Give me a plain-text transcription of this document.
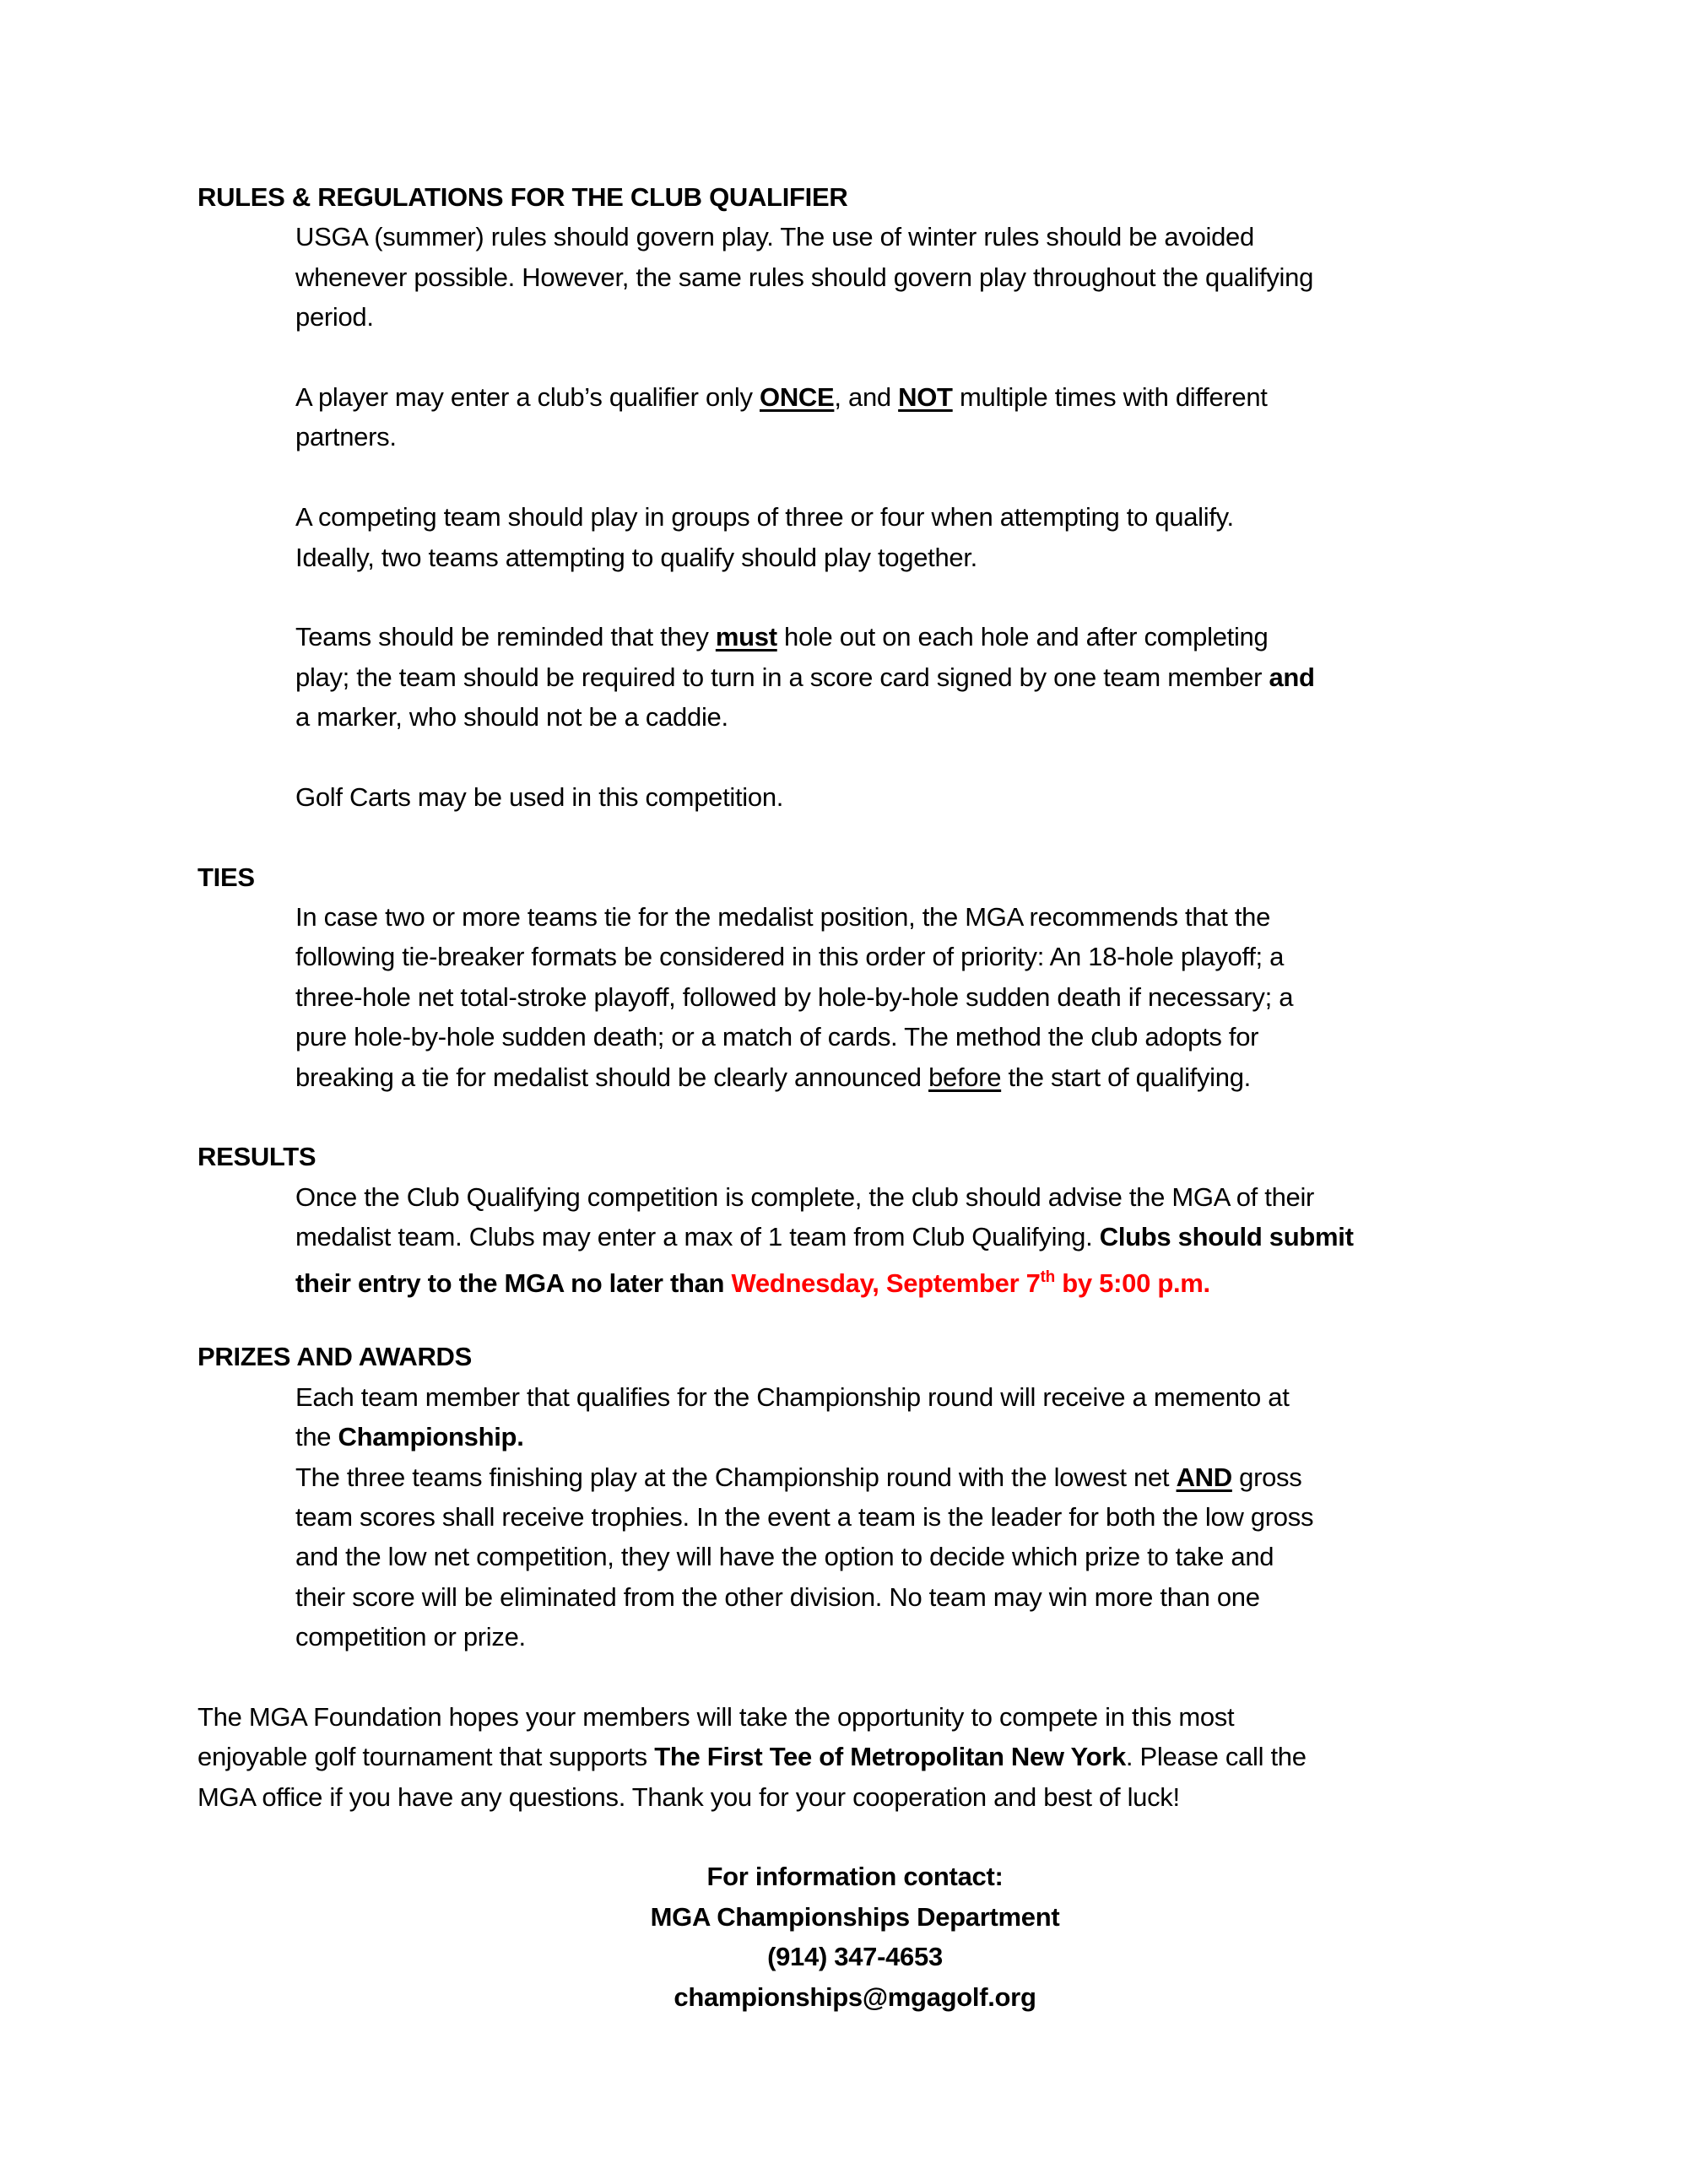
RULES & REGULATIONS FOR THE CLUB QUALIFIER
USGA (summer) rules should govern play. The use of winter rules should be avoided
whenever possible. However, the same rules should govern play throughout the qualifying
period.
A player may enter a club’s qualifier only ONCE, and NOT multiple times with different
partners.
A competing team should play in groups of three or four when attempting to qualify.
Ideally, two teams attempting to qualify should play together.
Teams should be reminded that they must hole out on each hole and after completing
play; the team should be required to turn in a score card signed by one team member and
a marker, who should not be a caddie.
Golf Carts may be used in this competition.
TIES
In case two or more teams tie for the medalist position, the MGA recommends that the
following tie-breaker formats be considered in this order of priority: An 18-hole playoff; a
three-hole net total-stroke playoff, followed by hole-by-hole sudden death if necessary; a
pure hole-by-hole sudden death; or a match of cards. The method the club adopts for
breaking a tie for medalist should be clearly announced before the start of qualifying.
RESULTS
Once the Club Qualifying competition is complete, the club should advise the MGA of their
medalist team. Clubs may enter a max of 1 team from Club Qualifying. Clubs should submit
their entry to the MGA no later than Wednesday, September 7th by 5:00 p.m.
PRIZES AND AWARDS
Each team member that qualifies for the Championship round will receive a memento at
the Championship.
The three teams finishing play at the Championship round with the lowest net AND gross
team scores shall receive trophies. In the event a team is the leader for both the low gross
and the low net competition, they will have the option to decide which prize to take and
their score will be eliminated from the other division. No team may win more than one
competition or prize.
The MGA Foundation hopes your members will take the opportunity to compete in this most
enjoyable golf tournament that supports The First Tee of Metropolitan New York. Please call the
MGA office if you have any questions. Thank you for your cooperation and best of luck!
For information contact:
MGA Championships Department
(914) 347-4653
championships@mgagolf.org
